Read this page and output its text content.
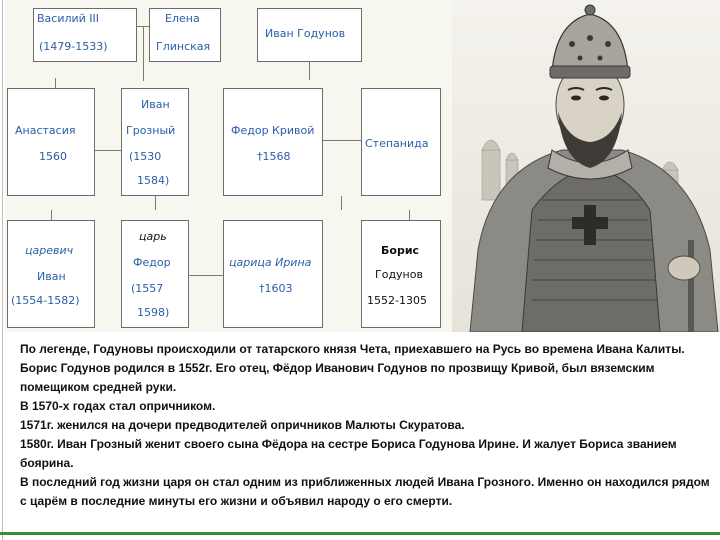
Василий III
(1479-1533)
Елена
Глинская
Иван Годунов
Анастасия
1560
Иван
Грозный
(1530
1584)
Федор Кривой
†1568
Степанида
царевич
Иван
(1554-1582)
царь
Федор
(1557
1598)
царица Ирина
†1603
Борис
Годунов
1552-1305

По легенде, Годуновы происходили от татарского князя Чета, приехавшего на Русь во времена Ивана Калиты.

Борис Годунов родился в 1552г. Его отец, Фёдор Иванович Годунов по прозвищу Кривой, был вяземским помещиком средней руки.

В 1570-х годах стал опричником.

1571г. женился на дочери предводителей опричников Малюты Скуратова.

1580г. Иван Грозный женит своего сына Фёдора на сестре Бориса Годунова Ирине. И жалует Бориса званием боярина.

В последний год жизни царя он стал одним из приближенных людей Ивана Грозного. Именно он находился рядом с царём в последние минуты его жизни и объявил народу о его смерти.
